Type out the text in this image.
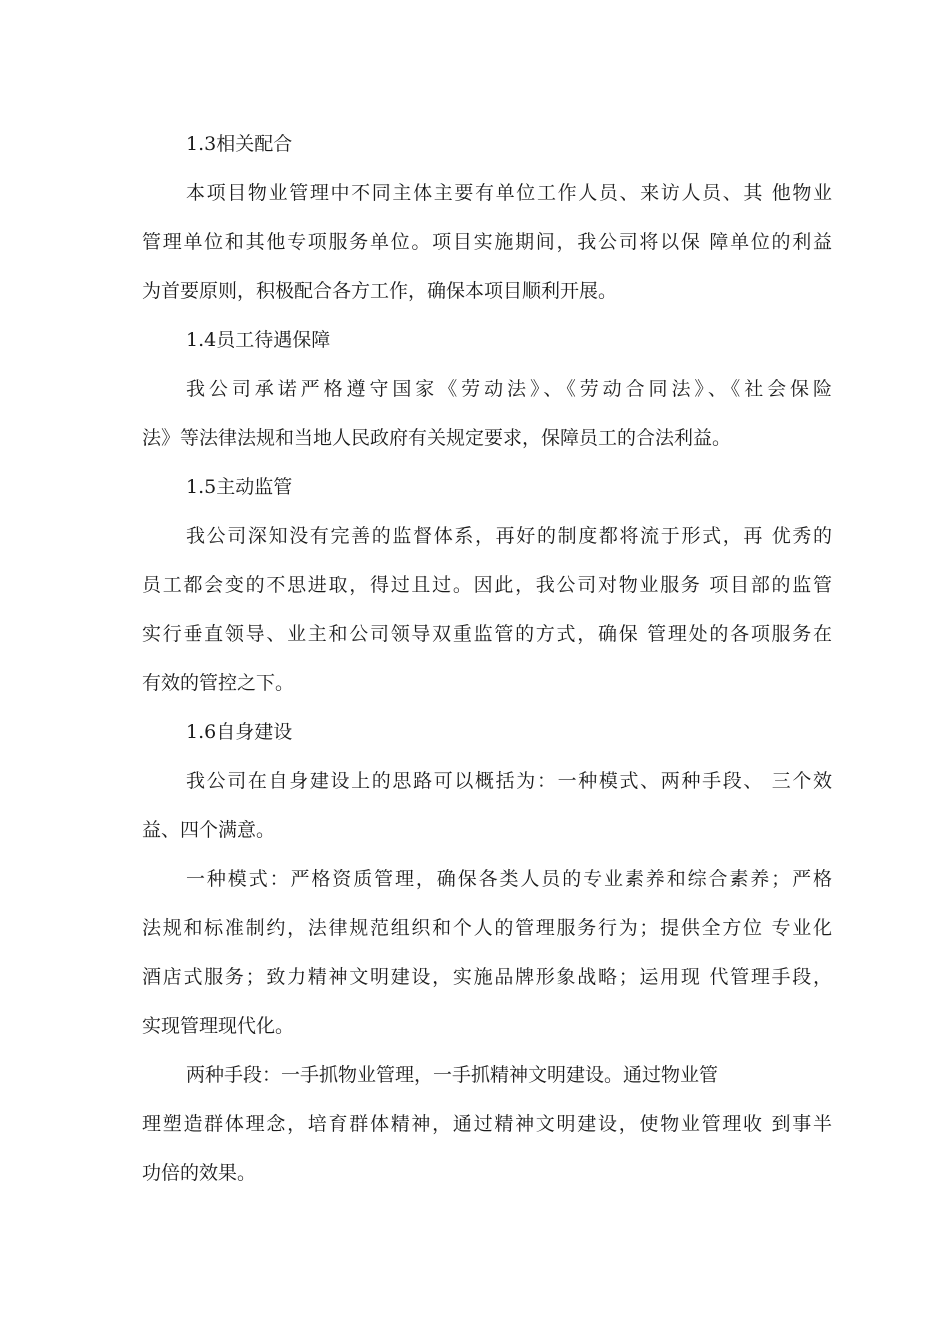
1.3相关配合
本项目物业管理中不同主体主要有单位工作人员、来访人员、其 他物业
管理单位和其他专项服务单位。项目实施期间，我公司将以保 障单位的利益
为首要原则，积极配合各方工作，确保本项目顺利开展。
1.4员工待遇保障
我公司承诺严格遵守国家《劳动法》、《劳动合同法》、《社会保险
法》等法律法规和当地人民政府有关规定要求，保障员工的合法利益。
1.5主动监管
我公司深知没有完善的监督体系，再好的制度都将流于形式，再 优秀的
员工都会变的不思进取，得过且过。因此，我公司对物业服务 项目部的监管
实行垂直领导、业主和公司领导双重监管的方式，确保 管理处的各项服务在
有效的管控之下。
1.6自身建设
我公司在自身建设上的思路可以概括为：一种模式、两种手段、 三个效
益、四个满意。
一种模式：严格资质管理，确保各类人员的专业素养和综合素养；严格
法规和标准制约，法律规范组织和个人的管理服务行为；提供全方位 专业化
酒店式服务；致力精神文明建设，实施品牌形象战略；运用现 代管理手段，
实现管理现代化。
两种手段：一手抓物业管理，一手抓精神文明建设。通过物业管
理塑造群体理念，培育群体精神，通过精神文明建设，使物业管理收 到事半
功倍的效果。
